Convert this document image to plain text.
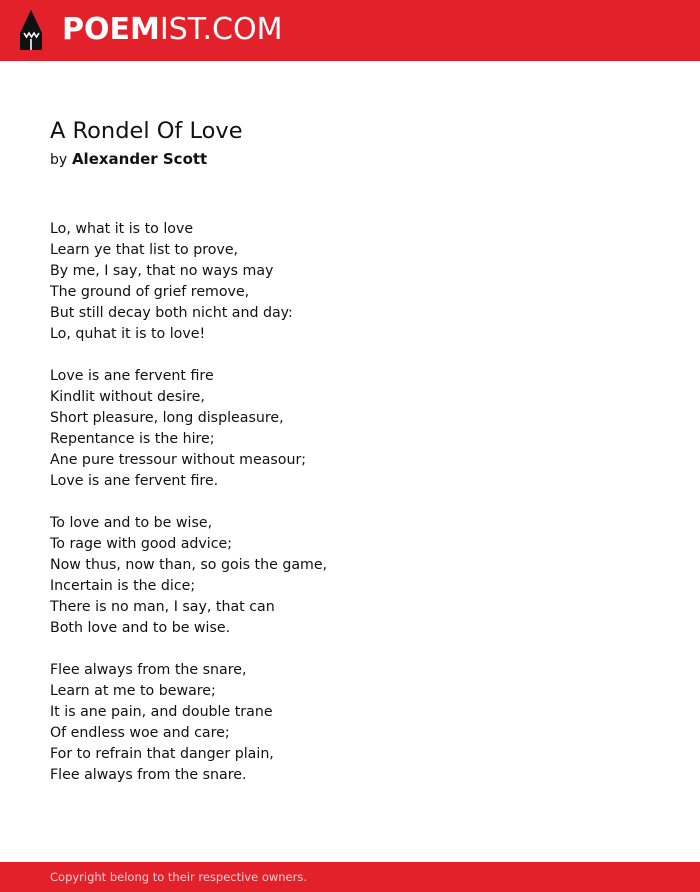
POEMIST.COM
A Rondel Of Love
by Alexander Scott
Lo, what it is to love
Learn ye that list to prove,
By me, I say, that no ways may
The ground of grief remove,
But still decay both nicht and day:
Lo, quhat it is to love!
Love is ane fervent fire
Kindlit without desire,
Short pleasure, long displeasure,
Repentance is the hire;
Ane pure tressour without measour;
Love is ane fervent fire.
To love and to be wise,
To rage with good advice;
Now thus, now than, so gois the game,
Incertain is the dice;
There is no man, I say, that can
Both love and to be wise.
Flee always from the snare,
Learn at me to beware;
It is ane pain, and double trane
Of endless woe and care;
For to refrain that danger plain,
Flee always from the snare.
Copyright belong to their respective owners.
